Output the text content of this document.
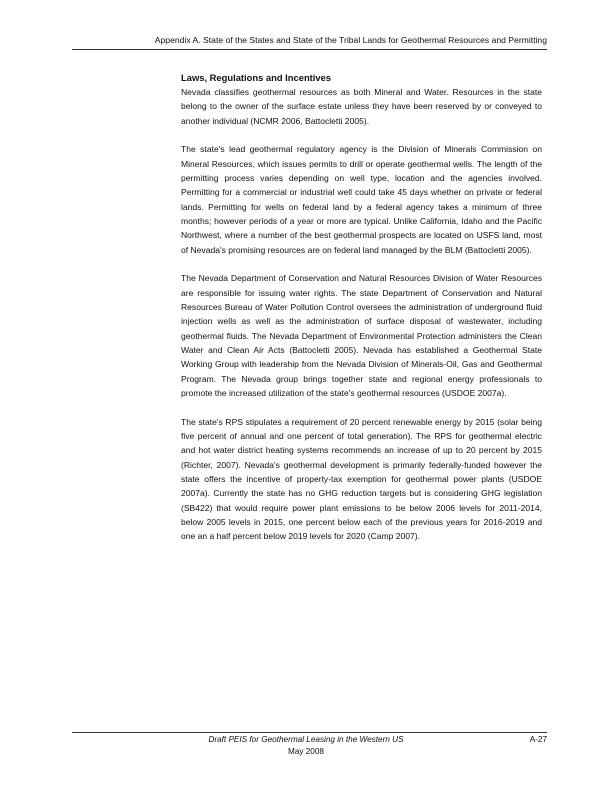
Appendix A. State of the States and State of the Tribal Lands for Geothermal Resources and Permitting
Laws, Regulations and Incentives

Nevada classifies geothermal resources as both Mineral and Water. Resources in the state belong to the owner of the surface estate unless they have been reserved by or conveyed to another individual (NCMR 2006, Battocletti 2005).

The state's lead geothermal regulatory agency is the Division of Minerals Commission on Mineral Resources, which issues permits to drill or operate geothermal wells. The length of the permitting process varies depending on well type, location and the agencies involved. Permitting for a commercial or industrial well could take 45 days whether on private or federal lands. Permitting for wells on federal land by a federal agency takes a minimum of three months; however periods of a year or more are typical. Unlike California, Idaho and the Pacific Northwest, where a number of the best geothermal prospects are located on USFS land, most of Nevada's promising resources are on federal land managed by the BLM (Battocletti 2005).

The Nevada Department of Conservation and Natural Resources Division of Water Resources are responsible for issuing water rights. The state Department of Conservation and Natural Resources Bureau of Water Pollution Control oversees the administration of underground fluid injection wells as well as the administration of surface disposal of wastewater, including geothermal fluids. The Nevada Department of Environmental Protection administers the Clean Water and Clean Air Acts (Battocletti 2005). Nevada has established a Geothermal State Working Group with leadership from the Nevada Division of Minerals-Oil, Gas and Geothermal Program. The Nevada group brings together state and regional energy professionals to promote the increased utilization of the state's geothermal resources (USDOE 2007a).

The state's RPS stipulates a requirement of 20 percent renewable energy by 2015 (solar being five percent of annual and one percent of total generation). The RPS for geothermal electric and hot water district heating systems recommends an increase of up to 20 percent by 2015 (Richter, 2007). Nevada's geothermal development is primarily federally-funded however the state offers the incentive of property-tax exemption for geothermal power plants (USDOE 2007a). Currently the state has no GHG reduction targets but is considering GHG legislation (SB422) that would require power plant emissions to be below 2006 levels for 2011-2014, below 2005 levels in 2015, one percent below each of the previous years for 2016-2019 and one an a half percent below 2019 levels for 2020 (Camp 2007).

Draft PEIS for Geothermal Leasing in the Western US	A-27
May 2008
